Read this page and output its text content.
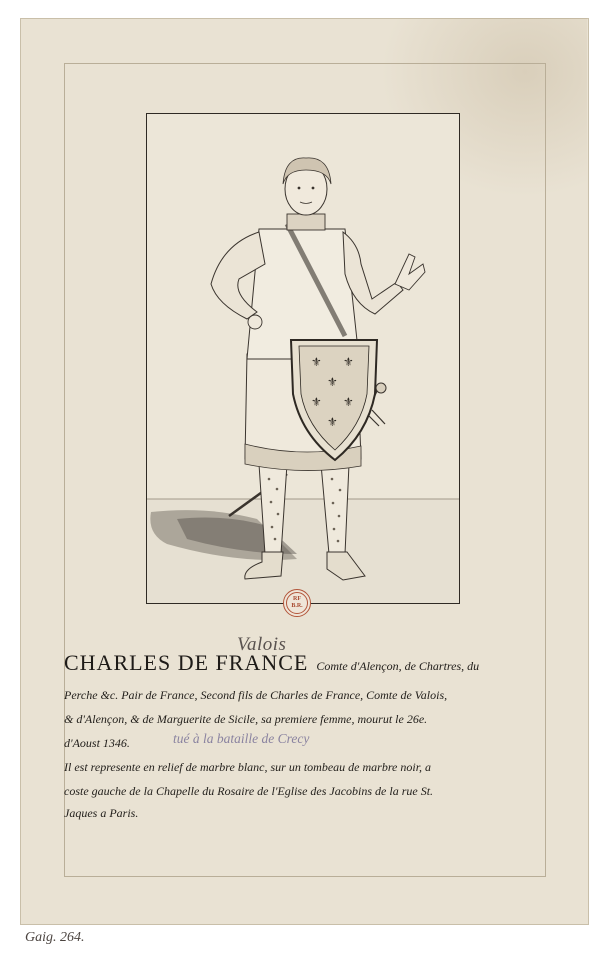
⚜ ⚜
⚜
⚜ ⚜
⚜
RF
B.R.
Valois
CHARLES DE FRANCE Comte d'Alençon, de Chartres, du
Perche &c. Pair de France, Second fils de Charles de France, Comte de Valois,
& d'Alençon, & de Marguerite de Sicile, sa premiere femme, mourut le 26e.
d'Aoust 1346.	tué à la bataille de Crecy
Il est represente en relief de marbre blanc, sur un tombeau de marbre noir, a
coste gauche de la Chapelle du Rosaire de l'Eglise des Jacobins de la rue St.
Jaques a Paris.
Gaig. 264.
